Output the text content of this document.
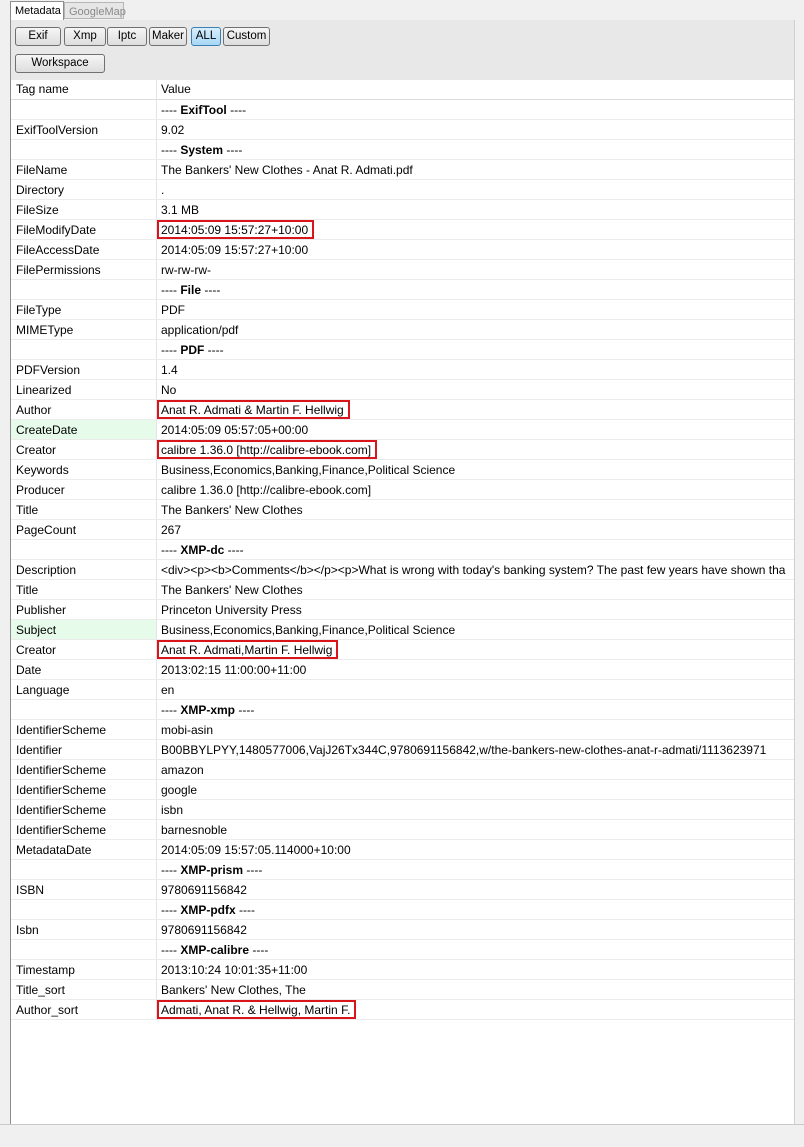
Metadata GoogleMap
Exif	Xmp	Iptc	Maker	ALL Custom
Workspace
Tag name	Value
---- ExifTool ----
ExifToolVersion	9.02
---- System ----
FileName	The Bankers' New Clothes - Anat R. Admati.pdf
Directory	.
FileSize	3.1 MB
FileModifyDate	2014:05:09 15:57:27+10:00
FileAccessDate	2014:05:09 15:57:27+10:00
FilePermissions	rw-rw-rw-
---- File ----
FileType	PDF
MIMEType	application/pdf
---- PDF ----
PDFVersion	1.4
Linearized	No
Author	Anat R. Admati & Martin F. Hellwig
CreateDate	2014:05:09 05:57:05+00:00
Creator	calibre 1.36.0 [http://calibre-ebook.com]
Keywords	Business,Economics,Banking,Finance,Political Science
Producer	calibre 1.36.0 [http://calibre-ebook.com]
Title	The Bankers' New Clothes
PageCount	267
---- XMP-dc ----
Description	<div><p><b>Comments</b></p><p>What is wrong with today's banking system? The past few years have shown tha
Title	The Bankers' New Clothes
Publisher	Princeton University Press
Subject	Business,Economics,Banking,Finance,Political Science
Creator	Anat R. Admati,Martin F. Hellwig
Date	2013:02:15 11:00:00+11:00
Language	en
---- XMP-xmp ----
IdentifierScheme	mobi-asin
Identifier	B00BBYLPYY,1480577006,VajJ26Tx344C,9780691156842,w/the-bankers-new-clothes-anat-r-admati/1113623971
IdentifierScheme	amazon
IdentifierScheme	google
IdentifierScheme	isbn
IdentifierScheme	barnesnoble
MetadataDate	2014:05:09 15:57:05.114000+10:00
---- XMP-prism ----
ISBN	9780691156842
---- XMP-pdfx ----
Isbn	9780691156842
---- XMP-calibre ----
Timestamp	2013:10:24 10:01:35+11:00
Title_sort	Bankers' New Clothes, The
Author_sort	Admati, Anat R. & Hellwig, Martin F.
